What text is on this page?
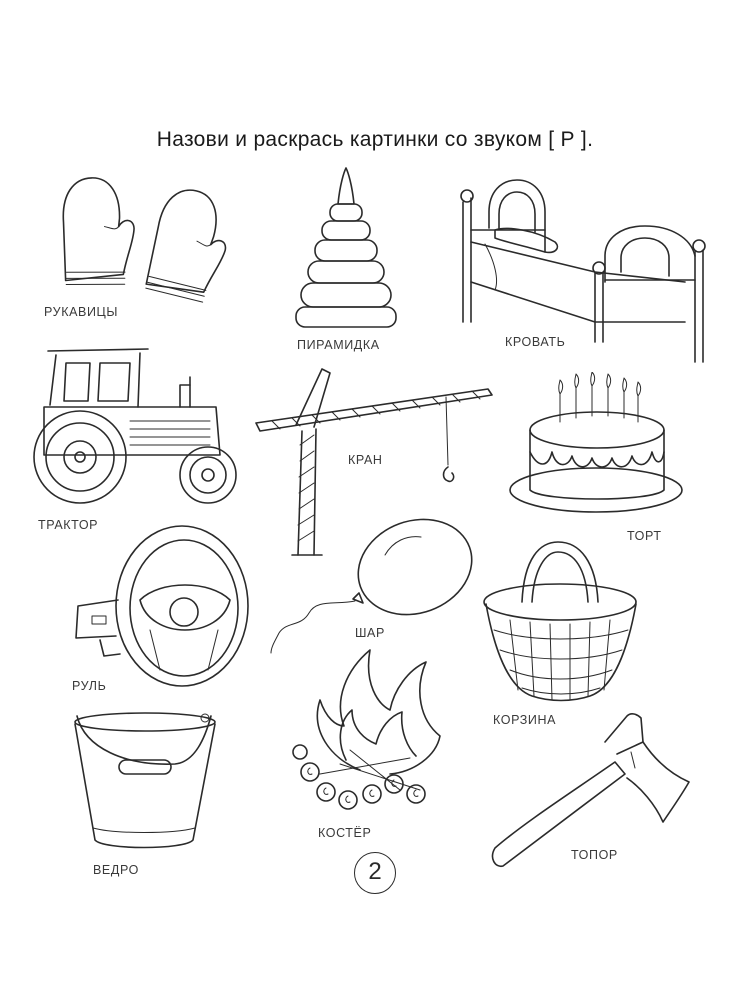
Назови и раскрась картинки со звуком [ Р ].
РУКАВИЦЫ
ПИРАМИДКА	КРОВАТЬ
ТРАКТОР
КРАН
ТОРТ
РУЛЬ
ШАР
КОРЗИНА
ВЕДРО
КОСТЁР
ТОПОР
2
